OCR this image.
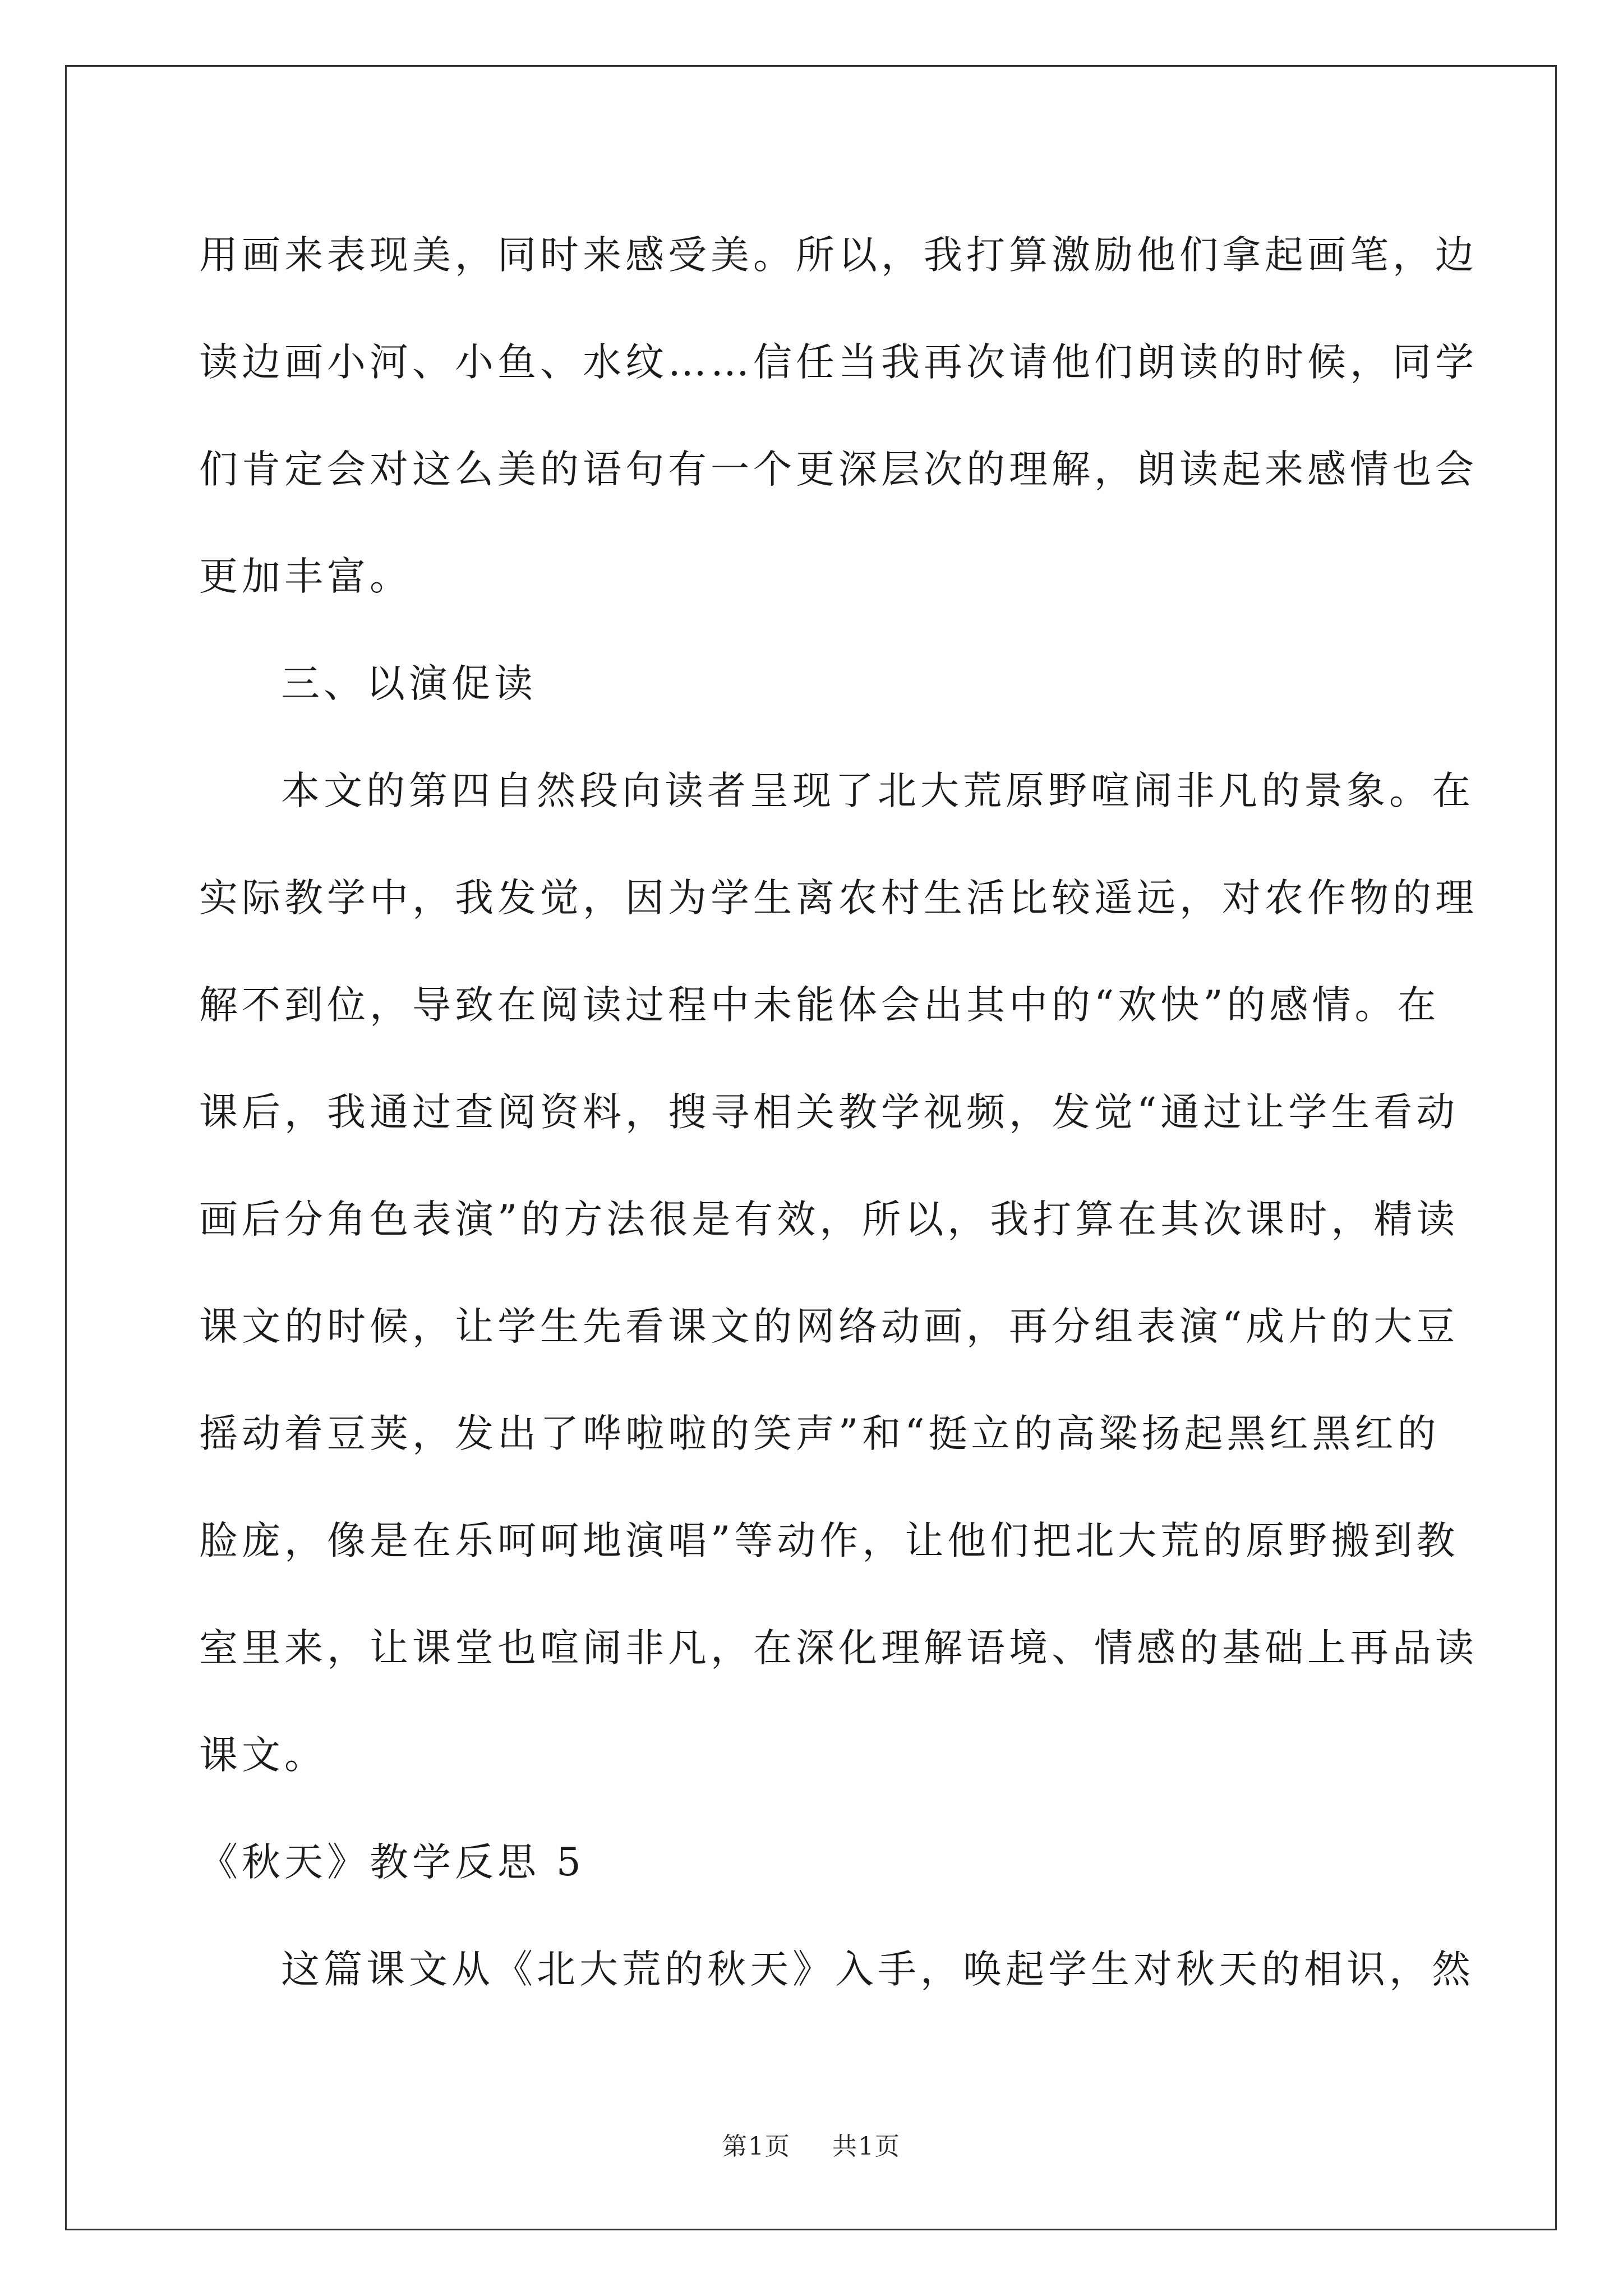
用画来表现美，同时来感受美。所以，我打算激励他们拿起画笔，边

读边画小河、小鱼、水纹……信任当我再次请他们朗读的时候，同学

们肯定会对这么美的语句有一个更深层次的理解，朗读起来感情也会

更加丰富。

三、以演促读

本文的第四自然段向读者呈现了北大荒原野喧闹非凡的景象。在

实际教学中，我发觉，因为学生离农村生活比较遥远，对农作物的理

解不到位，导致在阅读过程中未能体会出其中的“欢快”的感情。在

课后，我通过查阅资料，搜寻相关教学视频，发觉“通过让学生看动

画后分角色表演”的方法很是有效，所以，我打算在其次课时，精读

课文的时候，让学生先看课文的网络动画，再分组表演“成片的大豆

摇动着豆荚，发出了哗啦啦的笑声”和“挺立的高粱扬起黑红黑红的

脸庞，像是在乐呵呵地演唱”等动作，让他们把北大荒的原野搬到教

室里来，让课堂也喧闹非凡，在深化理解语境、情感的基础上再品读

课文。

《秋天》教学反思 5

这篇课文从《北大荒的秋天》入手，唤起学生对秋天的相识，然

第1页 共1页
